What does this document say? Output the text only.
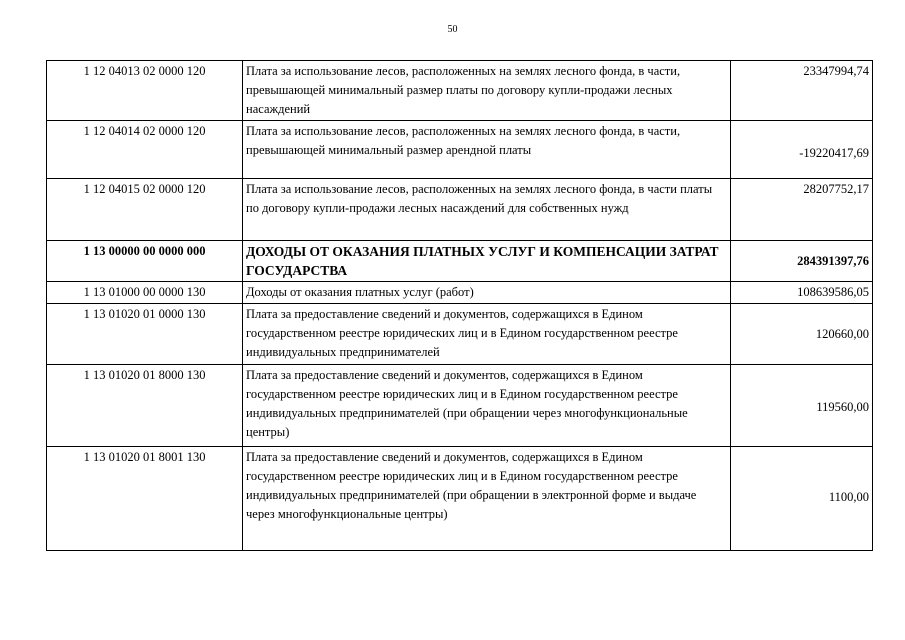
50
1 12 04013 02 0000 120	Плата за использование лесов, расположенных на землях лесного фонда, в части, превышающей минимальный размер платы по договору купли-продажи лесных насаждений	23347994,74
1 12 04014 02 0000 120	Плата за использование лесов, расположенных на землях лесного фонда, в части, превышающей минимальный размер арендной платы	-19220417,69
1 12 04015 02 0000 120	Плата за использование лесов, расположенных на землях лесного фонда, в части платы по договору купли-продажи лесных насаждений для собственных нужд	28207752,17
1 13 00000 00 0000 000	ДОХОДЫ ОТ ОКАЗАНИЯ ПЛАТНЫХ УСЛУГ И КОМПЕНСАЦИИ ЗАТРАТ ГОСУДАРСТВА	284391397,76
1 13 01000 00 0000 130	Доходы от оказания платных услуг (работ)	108639586,05
1 13 01020 01 0000 130	Плата за предоставление сведений и документов, содержащихся в Едином государственном реестре юридических лиц и в Едином государственном реестре индивидуальных предпринимателей	120660,00
1 13 01020 01 8000 130	Плата за предоставление сведений и документов, содержащихся в Едином государственном реестре юридических лиц и в Едином государственном реестре индивидуальных предпринимателей (при обращении через многофункциональные центры)	119560,00
1 13 01020 01 8001 130	Плата за предоставление сведений и документов, содержащихся в Едином государственном реестре юридических лиц и в Едином государственном реестре индивидуальных предпринимателей (при обращении в электронной форме и выдаче через многофункциональные центры)	1100,00
